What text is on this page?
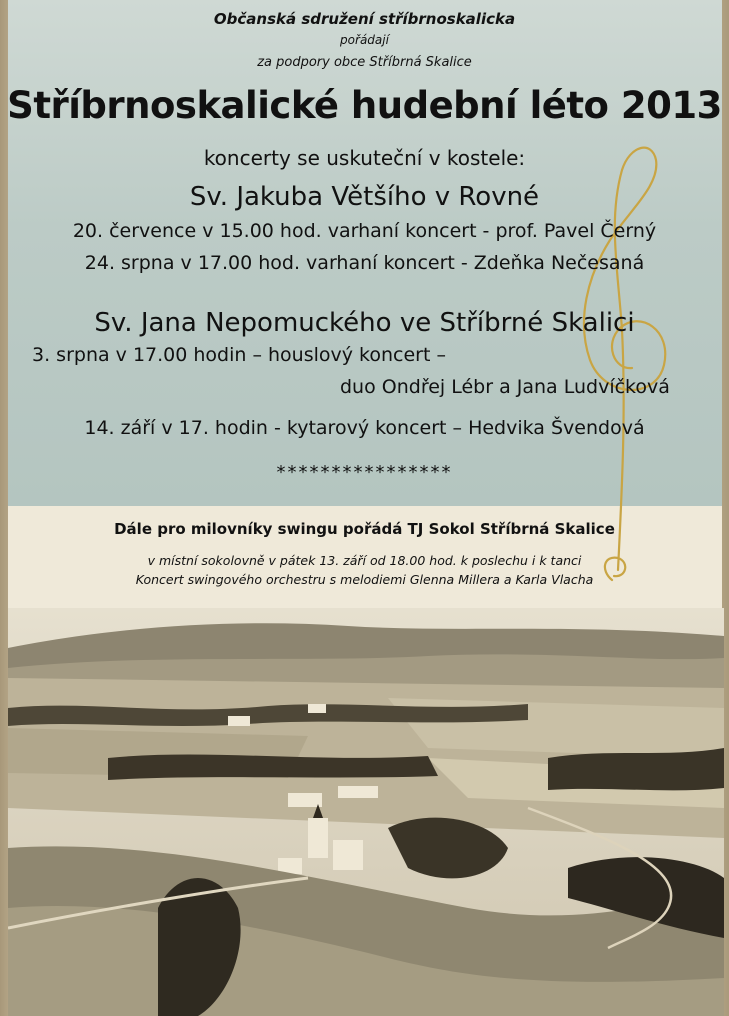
Občanská sdružení stříbrnoskalicka
pořádají
za podpory obce Stříbrná Skalice
Stříbrnoskalické hudební léto 2013
koncerty se uskuteční v kostele:
Sv. Jakuba Většího v Rovné
20. července v 15.00 hod. varhaní koncert - prof. Pavel Černý
24. srpna v 17.00 hod. varhaní koncert - Zdeňka Nečesaná
Sv. Jana Nepomuckého ve Stříbrné Skalici
3. srpna v 17.00 hodin – houslový koncert –
duo Ondřej Lébr a Jana Ludvíčková
14. září v 17. hodin - kytarový koncert – Hedvika Švendová
****************
Dále pro milovníky swingu pořádá TJ Sokol Stříbrná Skalice
v místní sokolovně v pátek 13. září od 18.00 hod. k poslechu i k tanci
Koncert swingového orchestru s melodiemi Glenna Millera a Karla Vlacha
